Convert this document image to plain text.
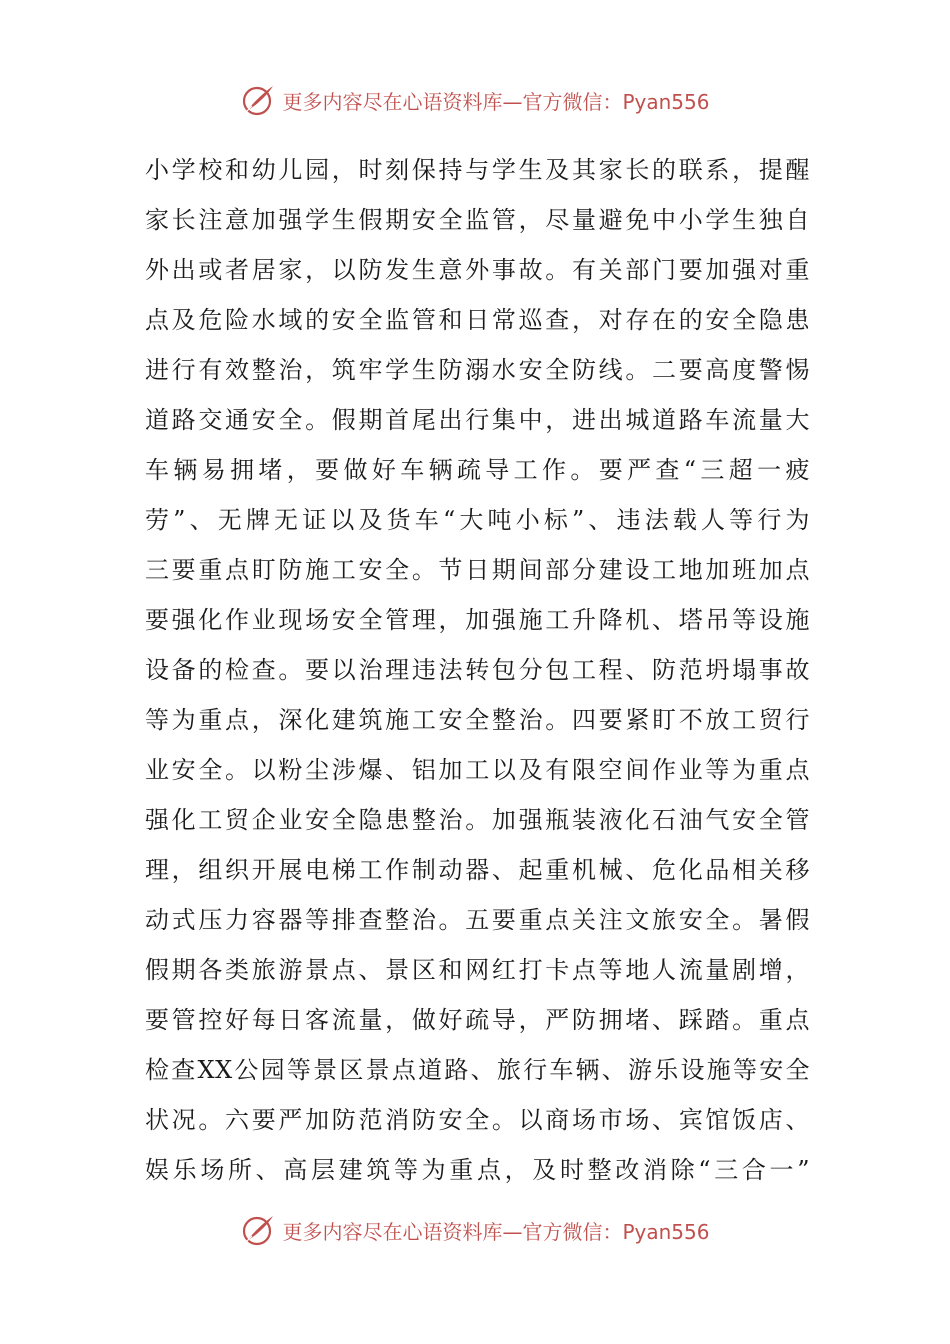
更多内容尽在心语资料库—官方微信：Pyan556
小学校和幼儿园，时刻保持与学生及其家长的联系，提醒
家长注意加强学生假期安全监管，尽量避免中小学生独自
外出或者居家，以防发生意外事故。有关部门要加强对重
点及危险水域的安全监管和日常巡查，对存在的安全隐患
进行有效整治，筑牢学生防溺水安全防线。二要高度警惕
道路交通安全。假期首尾出行集中，进出城道路车流量大
车辆易拥堵，要做好车辆疏导工作。要严查“三超一疲
劳”、无牌无证以及货车“大吨小标”、违法载人等行为
三要重点盯防施工安全。节日期间部分建设工地加班加点
要强化作业现场安全管理，加强施工升降机、塔吊等设施
设备的检查。要以治理违法转包分包工程、防范坍塌事故
等为重点，深化建筑施工安全整治。四要紧盯不放工贸行
业安全。以粉尘涉爆、铝加工以及有限空间作业等为重点
强化工贸企业安全隐患整治。加强瓶装液化石油气安全管
理，组织开展电梯工作制动器、起重机械、危化品相关移
动式压力容器等排查整治。五要重点关注文旅安全。暑假
假期各类旅游景点、景区和网红打卡点等地人流量剧增，
要管控好每日客流量，做好疏导，严防拥堵、踩踏。重点
检查XX公园等景区景点道路、旅行车辆、游乐设施等安全
状况。六要严加防范消防安全。以商场市场、宾馆饭店、
娱乐场所、高层建筑等为重点，及时整改消除“三合一”
更多内容尽在心语资料库—官方微信：Pyan556
